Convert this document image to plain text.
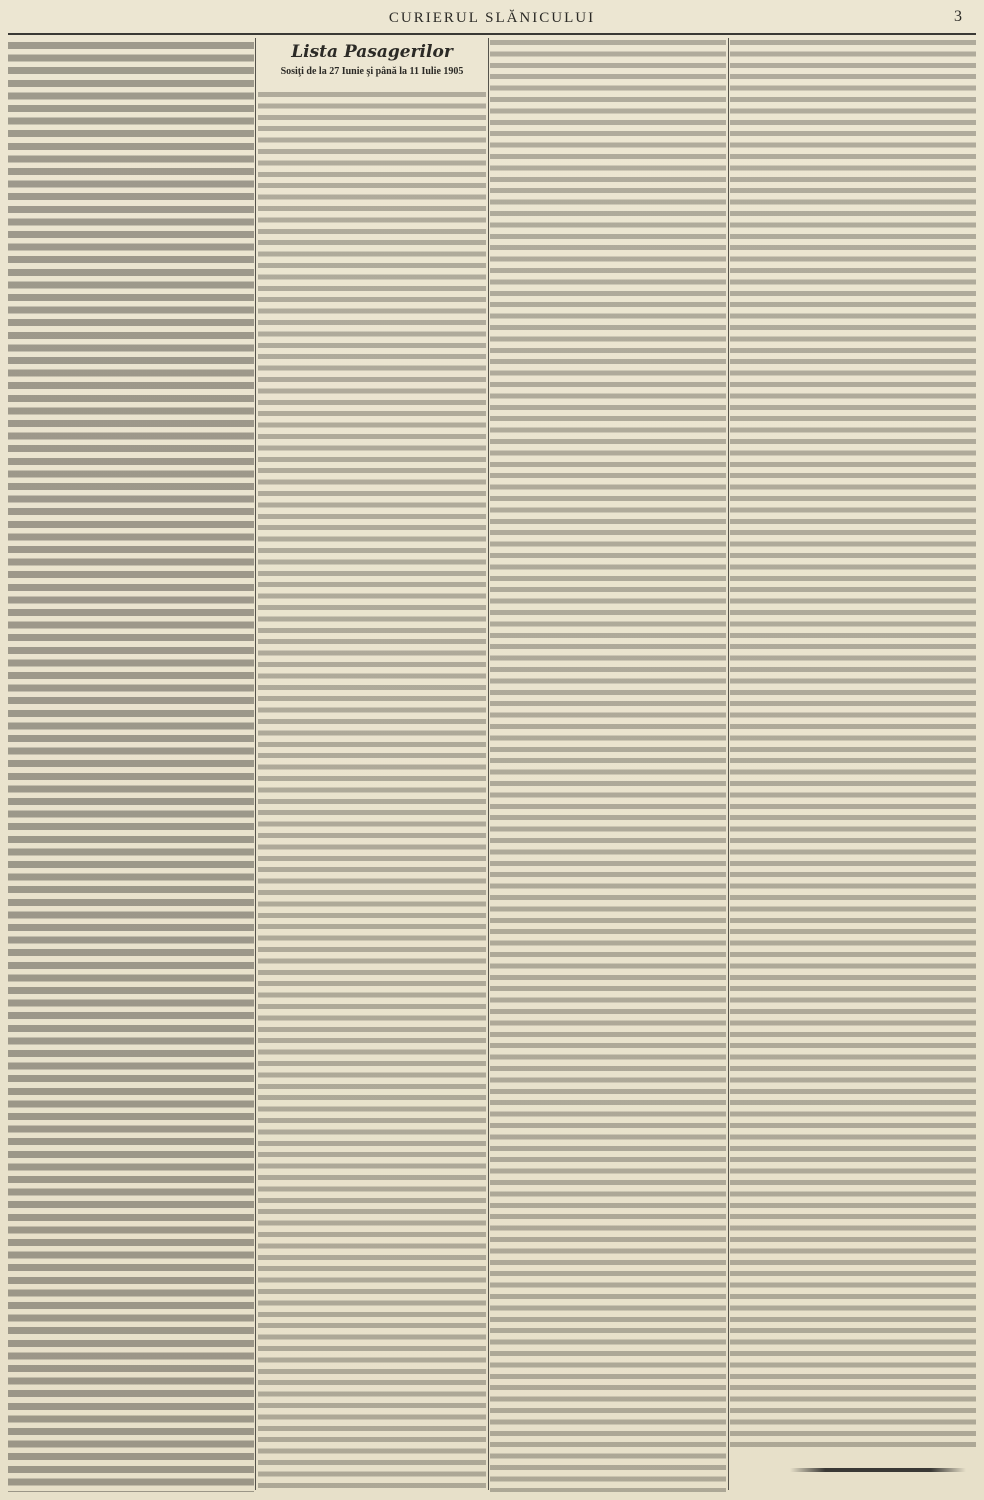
CURIERUL SLĂNICULUI	3
Lista Pasagerilor
Sosiţi de la 27 Iunie şi până la 11 Iulie 1905
